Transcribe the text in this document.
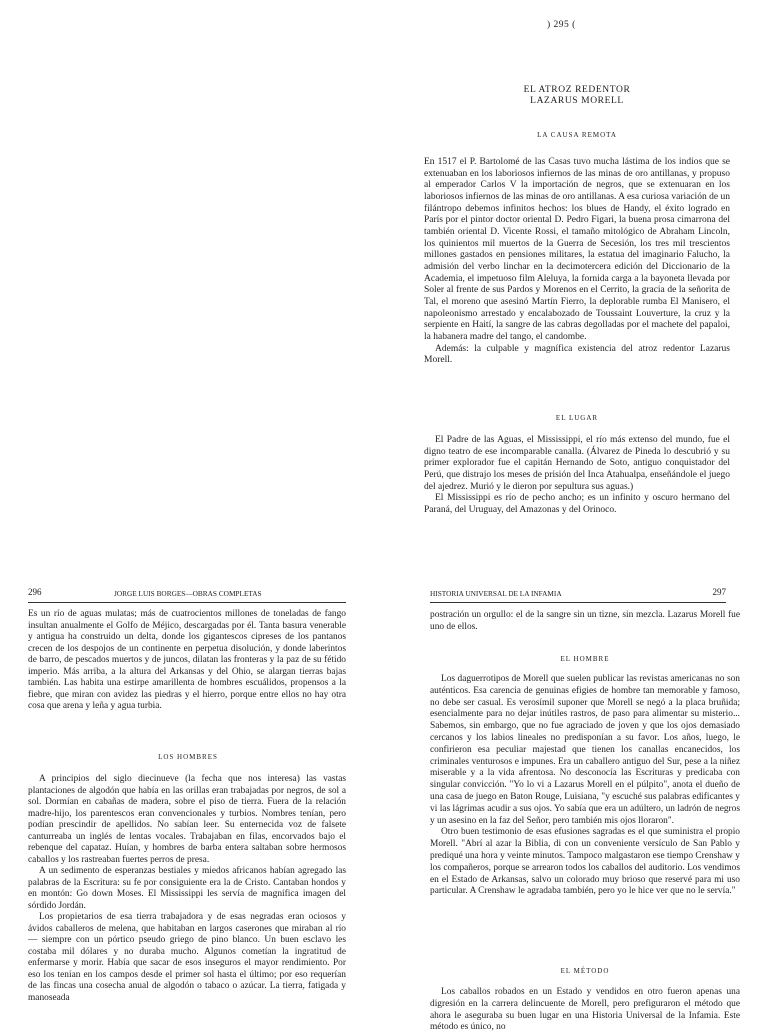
) 295 (
EL ATROZ REDENTOR
LAZARUS MORELL
LA CAUSA REMOTA

En 1517 el P. Bartolomé de las Casas tuvo mucha lástima de los indios que se extenuaban en los laboriosos infiernos de las minas de oro antillanas, y propuso al emperador Carlos V la importación de negros, que se extenuaran en los laboriosos infiernos de las minas de oro antillanas. A esa curiosa variación de un filántropo debemos infinitos hechos: los blues de Handy, el éxito logrado en París por el pintor doctor oriental D. Pedro Figari, la buena prosa cimarrona del también oriental D. Vicente Rossi, el tamaño mitológico de Abraham Lincoln, los quinientos mil muertos de la Guerra de Secesión, los tres mil trescientos millones gastados en pensiones militares, la estatua del imaginario Falucho, la admisión del verbo linchar en la decimotercera edición del Diccionario de la Academia, el impetuoso film Aleluya, la fornida carga a la bayoneta llevada por Soler al frente de sus Pardos y Morenos en el Cerrito, la gracia de la señorita de Tal, el moreno que asesinó Martín Fierro, la deplorable rumba El Manisero, el napoleonismo arrestado y encalabozado de Toussaint Louverture, la cruz y la serpiente en Haití, la sangre de las cabras degolladas por el machete del papaloi, la habanera madre del tango, el candombe.

Además: la culpable y magnífica existencia del atroz redentor Lazarus Morell.

EL LUGAR

El Padre de las Aguas, el Mississippi, el río más extenso del mundo, fue el digno teatro de ese incomparable canalla. (Álvarez de Pineda lo descubrió y su primer explorador fue el capitán Hernando de Soto, antiguo conquistador del Perú, que distrajo los meses de prisión del Inca Atahualpa, enseñándole el juego del ajedrez. Murió y le dieron por sepultura sus aguas.)

El Mississippi es río de pecho ancho; es un infinito y oscuro hermano del Paraná, del Uruguay, del Amazonas y del Orinoco.

296	JORGE LUIS BORGES—OBRAS COMPLETAS

Es un río de aguas mulatas; más de cuatrocientos millones de toneladas de fango insultan anualmente el Golfo de Méjico, descargadas por él. Tanta basura venerable y antigua ha construido un delta, donde los gigantescos cipreses de los pantanos crecen de los despojos de un continente en perpetua disolución, y donde laberintos de barro, de pescados muertos y de juncos, dilatan las fronteras y la paz de su fétido imperio. Más arriba, a la altura del Arkansas y del Ohio, se alargan tierras bajas también. Las habita una estirpe amarillenta de hombres escuálidos, propensos a la fiebre, que miran con avidez las piedras y el hierro, porque entre ellos no hay otra cosa que arena y leña y agua turbia.

LOS HOMBRES

A principios del siglo diecinueve (la fecha que nos interesa) las vastas plantaciones de algodón que había en las orillas eran trabajadas por negros, de sol a sol. Dormían en cabañas de madera, sobre el piso de tierra. Fuera de la relación madre-hijo, los parentescos eran convencionales y turbios. Nombres tenían, pero podían prescindir de apellidos. No sabían leer. Su enternecida voz de falsete canturreaba un inglés de lentas vocales. Trabajaban en filas, encorvados bajo el rebenque del capataz. Huían, y hombres de barba entera saltaban sobre hermosos caballos y los rastreaban fuertes perros de presa.

A un sedimento de esperanzas bestiales y miedos africanos habían agregado las palabras de la Escritura: su fe por consiguiente era la de Cristo. Cantaban hondos y en montón: Go down Moses. El Mississippi les servía de magnífica imagen del sórdido Jordán.

Los propietarios de esa tierra trabajadora y de esas negradas eran ociosos y ávidos caballeros de melena, que habitaban en largos caserones que miraban al río — siempre con un pórtico pseudo griego de pino blanco. Un buen esclavo les costaba mil dólares y no duraba mucho. Algunos cometían la ingratitud de enfermarse y morir. Había que sacar de esos inseguros el mayor rendimiento. Por eso los tenían en los campos desde el primer sol hasta el último; por eso requerían de las fincas una cosecha anual de algodón o tabaco o azúcar. La tierra, fatigada y manoseada

HISTORIA UNIVERSAL DE LA INFAMIA	297

postración un orgullo: el de la sangre sin un tizne, sin mezcla. Lazarus Morell fue uno de ellos.

EL HOMBRE

Los daguerrotipos de Morell que suelen publicar las revistas americanas no son auténticos. Esa carencia de genuinas efigies de hombre tan memorable y famoso, no debe ser casual. Es verosímil suponer que Morell se negó a la placa bruñida; esencialmente para no dejar inútiles rastros, de paso para alimentar su misterio... Sabemos, sin embargo, que no fue agraciado de joven y que los ojos demasiado cercanos y los labios lineales no predisponían a su favor. Los años, luego, le confirieron esa peculiar majestad que tienen los canallas encanecidos, los criminales venturosos e impunes. Era un caballero antiguo del Sur, pese a la niñez miserable y a la vida afrentosa. No desconocía las Escrituras y predicaba con singular convicción. "Yo lo vi a Lazarus Morell en el púlpito", anota el dueño de una casa de juego en Baton Rouge, Luisiana, "y escuché sus palabras edificantes y vi las lágrimas acudir a sus ojos. Yo sabía que era un adúltero, un ladrón de negros y un asesino en la faz del Señor, pero también mis ojos lloraron".

Otro buen testimonio de esas efusiones sagradas es el que suministra el propio Morell. "Abrí al azar la Biblia, di con un conveniente versículo de San Pablo y prediqué una hora y veinte minutos. Tampoco malgastaron ese tiempo Crenshaw y los compañeros, porque se arrearon todos los caballos del auditorio. Los vendimos en el Estado de Arkansas, salvo un colorado muy brioso que reservé para mi uso particular. A Crenshaw le agradaba también, pero yo le hice ver que no le servía."

EL MÉTODO

Los caballos robados en un Estado y vendidos en otro fueron apenas una digresión en la carrera delincuente de Morell, pero prefiguraron el método que ahora le aseguraba su buen lugar en una Historia Universal de la Infamia. Este método es único, no
